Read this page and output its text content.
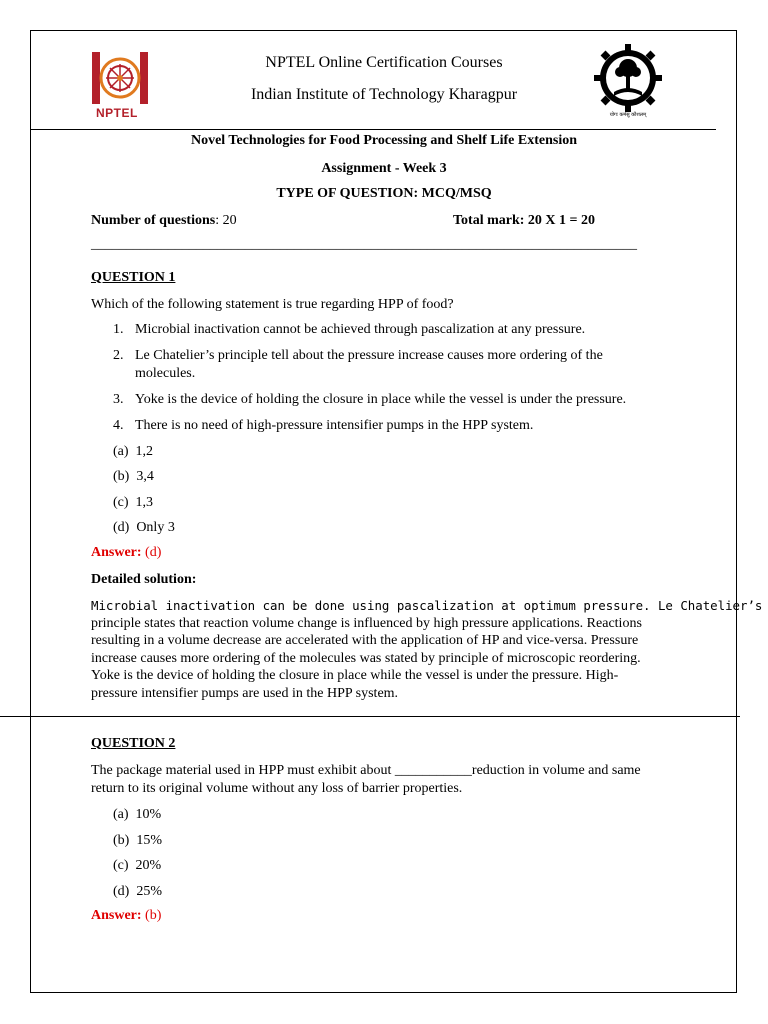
NPTEL	योगः कर्मसु कौशलम्
NPTEL Online Certification Courses
Indian Institute of Technology Kharagpur
Novel Technologies for Food Processing and Shelf Life Extension
Assignment - Week 3
TYPE OF QUESTION: MCQ/MSQ
Number of questions: 20	Total mark: 20 X 1 = 20
______________________________________________________________________________
QUESTION 1
Which of the following statement is true regarding HPP of food?
1. Microbial inactivation cannot be achieved through pascalization at any pressure.
2. Le Chatelier’s principle tell about the pressure increase causes more ordering of the
molecules.
3. Yoke is the device of holding the closure in place while the vessel is under the pressure.
4. There is no need of high-pressure intensifier pumps in the HPP system.
(a)  1,2
(b)  3,4
(c)  1,3
(d)  Only 3
Answer: (d)
Detailed solution:
Microbial inactivation can be done using pascalization at optimum pressure. Le Chatelier’s
principle states that reaction volume change is influenced by high pressure applications. Reactions
resulting in a volume decrease are accelerated with the application of HP and vice-versa. Pressure
increase causes more ordering of the molecules was stated by principle of microscopic reordering.
Yoke is the device of holding the closure in place while the vessel is under the pressure. High-
pressure intensifier pumps are used in the HPP system.
QUESTION 2
The package material used in HPP must exhibit about ___________reduction in volume and same
return to its original volume without any loss of barrier properties.
(a)  10%
(b)  15%
(c)  20%
(d)  25%
Answer: (b)
